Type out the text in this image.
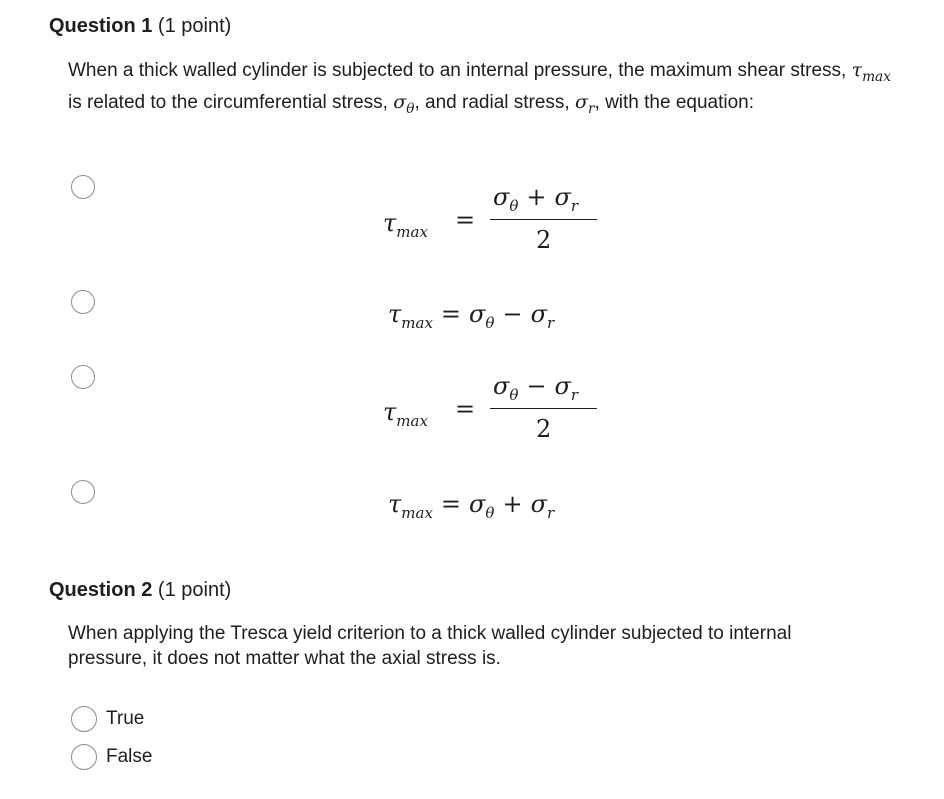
Question 1 (1 point)
When a thick walled cylinder is subjected to an internal pressure, the maximum shear stress, $\tau_{max}$ is related to the circumferential stress, $\sigma_\theta$, and radial stress, $\sigma_r$, with the equation:
$\tau_{max}$ =
$\sigma_\theta + \sigma_r$
2
$\tau_{max} = \sigma_\theta - \sigma_r$
$\tau_{max}$ =
$\sigma_\theta - \sigma_r$
2
$\tau_{max} = \sigma_\theta + \sigma_r$
Question 2 (1 point)
When applying the Tresca yield criterion to a thick walled cylinder subjected to internal pressure, it does not matter what the axial stress is.
True
False
